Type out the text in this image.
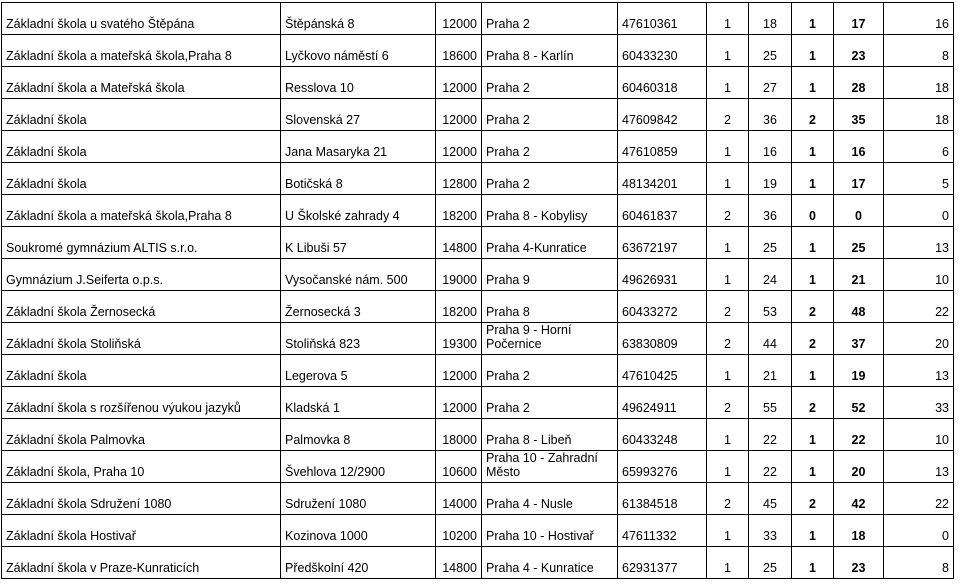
Základní škola u svatého Štěpána	Štěpánská 8	12000	Praha 2	47610361	1	18	1	17	16
Základní škola a mateřská škola,Praha 8	Lyčkovo náměstí 6	18600	Praha 8 - Karlín	60433230	1	25	1	23	8
Základní škola a Mateřská škola	Resslova 10	12000	Praha 2	60460318	1	27	1	28	18
Základní škola	Slovenská 27	12000	Praha 2	47609842	2	36	2	35	18
Základní škola	Jana Masaryka 21	12000	Praha 2	47610859	1	16	1	16	6
Základní škola	Botičská 8	12800	Praha 2	48134201	1	19	1	17	5
Základní škola a mateřská škola,Praha 8	U Školské zahrady 4	18200	Praha 8 - Kobylisy	60461837	2	36	0	0	0
Soukromé gymnázium ALTIS s.r.o.	K Libuši 57	14800	Praha 4-Kunratice	63672197	1	25	1	25	13
Gymnázium J.Seiferta o.p.s.	Vysočanské nám. 500	19000	Praha 9	49626931	1	24	1	21	10
Základní škola Žernosecká	Žernosecká 3	18200	Praha 8	60433272	2	53	2	48	22
Základní škola Stoliňská	Stoliňská 823	19300	Praha 9 - Horní Počernice	63830809	2	44	2	37	20
Základní škola	Legerova 5	12000	Praha 2	47610425	1	21	1	19	13
Základní škola s rozšířenou výukou jazyků	Kladská 1	12000	Praha 2	49624911	2	55	2	52	33
Základní škola Palmovka	Palmovka 8	18000	Praha 8 - Libeň	60433248	1	22	1	22	10
Základní škola, Praha 10	Švehlova 12/2900	10600	Praha 10 - Zahradní Město	65993276	1	22	1	20	13
Základní škola Sdružení 1080	Sdružení 1080	14000	Praha 4 - Nusle	61384518	2	45	2	42	22
Základní škola Hostivař	Kozinova 1000	10200	Praha 10 - Hostivař	47611332	1	33	1	18	0
Základní škola v Praze-Kunraticích	Předškolní 420	14800	Praha 4 - Kunratice	62931377	1	25	1	23	8
